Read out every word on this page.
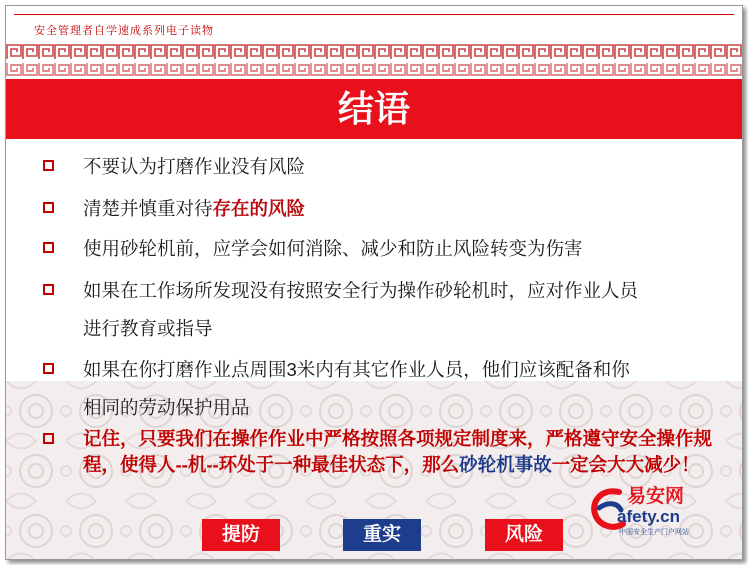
安全管理者自学速成系列电子读物
结语
不要认为打磨作业没有风险
清楚并慎重对待存在的风险
使用砂轮机前，应学会如何消除、减少和防止风险转变为伤害
如果在工作场所发现没有按照安全行为操作砂轮机时，应对作业人员
进行教育或指导
如果在你打磨作业点周围3米内有其它作业人员，他们应该配备和你
相同的劳动保护用品
记住，只要我们在操作作业中严格按照各项规定制度来，严格遵守安全操作规程，使得人--机--环处于一种最佳状态下，那么砂轮机事故一定会大大减少！
提防	重实	风险
易安网
afety.cn
中国安全生产门户网站
